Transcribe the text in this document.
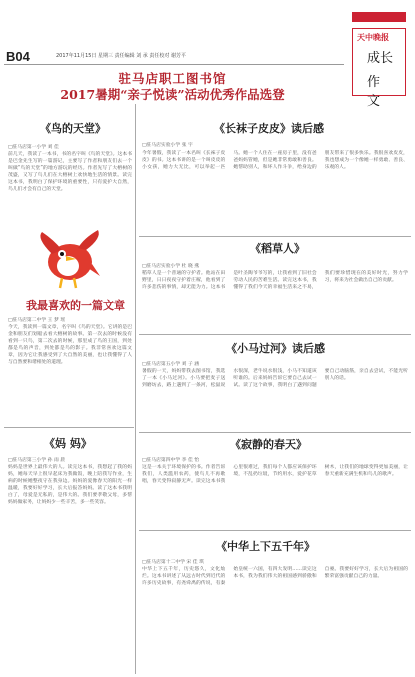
B04	2017年11月15日 星期三 责任编辑 刘 承 责任校对 谢芳平
驻马店职工图书馆
2017暑期“亲子悦读”活动优秀作品选登
天中晚报
成长
作文
《鸟的天堂》
□驻马店第一小学 刘 佳
前几天，我读了一本书，书的名字叫《鸟的天堂》。这本书是巴金先生写的一篇游记，主要写了作者和朋友们去一个叫做“鸟的天堂”的地方游玩的经历。作者先写了大榕树的茂盛，又写了鸟儿们在大榕树上欢快地生活的情景。读完这本书，我明白了保护环境的重要性，只有爱护大自然，鸟儿们才会有自己的天堂。
我最喜欢的一篇文章
□驻马店第二中学 王 梦 瑶
今天，我读到一篇文章，名字叫《鸟的天堂》。它讲的是巴金和朋友们划船去看大榕树的故事。第一次去的时候没有看到一只鸟，第二次去的时候，那里成了鸟的王国，到处都是鸟的声音，到处都是鸟的影子。我非常喜欢这篇文章，因为它让我感受到了大自然的美丽，也让我懂得了人与自然要和谐相处的道理。
《妈 妈》
□驻马店第三小学 孙 雨 晨
妈妈是世界上最伟大的人。读完这本书，我想起了我的妈妈，她每天早上很早起床为我做饭，晚上陪我写作业，生病的时候她整夜守在我身边。妈妈的爱像春天的阳光一样温暖，我要好好学习，长大后报答妈妈。读了这本书我明白了，母爱是无私的，是伟大的。我们要孝敬父母，多帮妈妈做家务，让妈妈少一些辛苦，多一些笑容。
《长袜子皮皮》读后感
□驻马店实验小学 张 宇
今年暑假，我读了一本名叫《长袜子皮皮》的书。这本书讲的是一个叫皮皮的小女孩，她力大无比，可以举起一匹马。她一个人住在一座房子里，没有爸爸妈妈管她，但是她非常勇敢和善良。她帮助别人，和坏人作斗争，给身边的朋友带来了很多快乐。我很喜欢皮皮，我也想成为一个像她一样勇敢、善良、乐观的人。
《稻草人》
□驻马店实验小学 杜 晓 燕
稻草人是一个普通的守护者。他站在田野里，日日夜夜守护着庄稼，他看到了许多悲伤的事情，却无能为力。这本书是叶圣陶爷爷写的，让我看到了旧社会劳动人民的苦难生活。读完这本书，我懂得了我们今天的幸福生活来之不易，我们要珍惜现在的美好时光，努力学习，将来为社会做出自己的贡献。
《小马过河》读后感
□驻马店第五小学 刘 子 涵
暑假的一天，妈妈带我去图书馆，我选了一本《小马过河》。小马要把麦子送到磨坊去，路上遇到了一条河，松鼠说水很深，老牛说水很浅，小马不知道该听谁的。后来妈妈告诉它要自己去试一试。读了这个故事，我明白了遇到问题要自己动脑筋，亲自去尝试，不能光听别人的话。
《寂静的春天》
□驻马店第四中学 李 佳 怡
这是一本关于环境保护的书。作者告诉我们，人类滥用农药，使鸟儿不再歌唱，春天变得寂静无声。读完这本书我心里很难过，我们每个人都应该保护环境，不乱扔垃圾，节约用水，爱护花草树木，让我们的地球变得更加美丽，让春天重新充满生机和鸟儿的歌声。
《中华上下五千年》
□驻马店第十二中学 宋 佳 琪
中华上下五千年，历史悠久，文化灿烂。这本书讲述了从远古时代到近代的许多历史故事，有尧舜禹的传说，有秦始皇统一六国，有四大发明……读完这本书，我为我们伟大的祖国感到骄傲和自豪。我要好好学习，长大后为祖国的繁荣富强贡献自己的力量。
